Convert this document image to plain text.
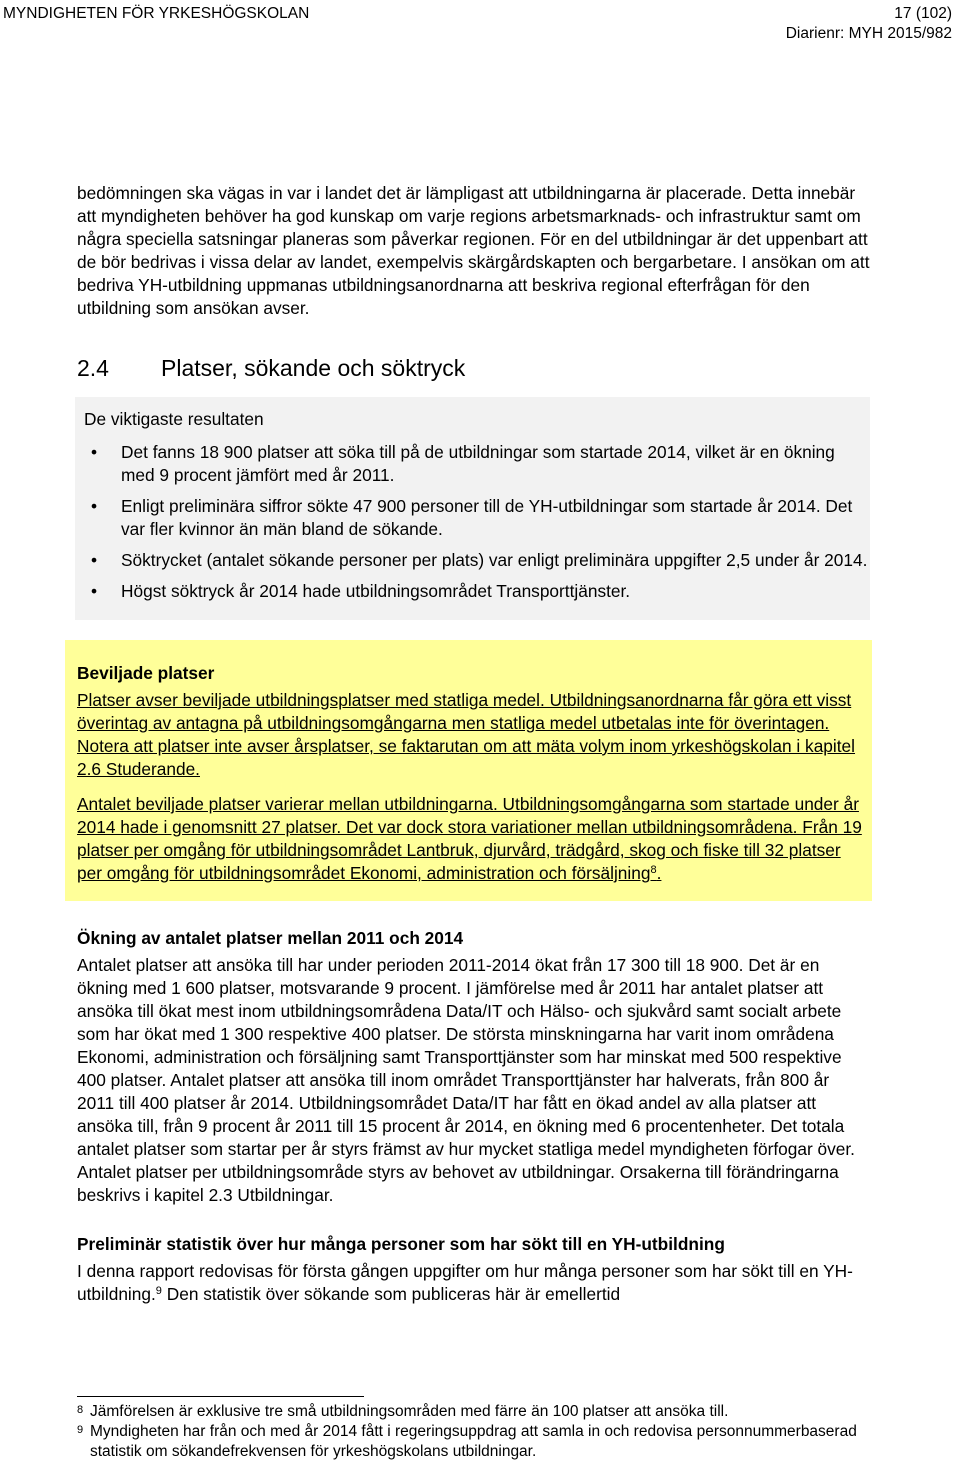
MYNDIGHETEN FÖR YRKESHÖGSKOLAN	17 (102)
Diarienr: MYH 2015/982

bedömningen ska vägas in var i landet det är lämpligast att utbildningarna är placerade. Detta innebär att myndigheten behöver ha god kunskap om varje regions arbetsmarknads- och infrastruktur samt om några speciella satsningar planeras som påverkar regionen. För en del utbildningar är det uppenbart att de bör bedrivas i vissa delar av landet, exempelvis skärgårdskapten och bergarbetare. I ansökan om att bedriva YH-utbildning uppmanas utbildningsanordnarna att beskriva regional efterfrågan för den utbildning som ansökan avser.

2.4	Platser, sökande och söktryck
De viktigaste resultaten
• Det fanns 18 900 platser att söka till på de utbildningar som startade 2014, vilket är en ökning med 9 procent jämfört med år 2011.
• Enligt preliminära siffror sökte 47 900 personer till de YH-utbildningar som startade år 2014. Det var fler kvinnor än män bland de sökande.
• Söktrycket (antalet sökande personer per plats) var enligt preliminära uppgifter 2,5 under år 2014.
• Högst söktryck år 2014 hade utbildningsområdet Transporttjänster.
Beviljade platser

Platser avser beviljade utbildningsplatser med statliga medel. Utbildningsanordnarna får göra ett visst överintag av antagna på utbildningsomgångarna men statliga medel utbetalas inte för överintagen. Notera att platser inte avser årsplatser, se faktarutan om att mäta volym inom yrkeshögskolan i kapitel 2.6 Studerande.

Antalet beviljade platser varierar mellan utbildningarna. Utbildningsomgångarna som startade under år 2014 hade i genomsnitt 27 platser. Det var dock stora variationer mellan utbildningsområdena. Från 19 platser per omgång för utbildningsområdet Lantbruk, djurvård, trädgård, skog och fiske till 32 platser per omgång för utbildningsområdet Ekonomi, administration och försäljning$^8$.

Ökning av antalet platser mellan 2011 och 2014

Antalet platser att ansöka till har under perioden 2011-2014 ökat från 17 300 till 18 900. Det är en ökning med 1 600 platser, motsvarande 9 procent. I jämförelse med år 2011 har antalet platser att ansöka till ökat mest inom utbildningsområdena Data/IT och Hälso- och sjukvård samt socialt arbete som har ökat med 1 300 respektive 400 platser. De största minskningarna har varit inom områdena Ekonomi, administration och försäljning samt Transporttjänster som har minskat med 500 respektive 400 platser. Antalet platser att ansöka till inom området Transporttjänster har halverats, från 800 år 2011 till 400 platser år 2014. Utbildningsområdet Data/IT har fått en ökad andel av alla platser att ansöka till, från 9 procent år 2011 till 15 procent år 2014, en ökning med 6 procentenheter. Det totala antalet platser som startar per år styrs främst av hur mycket statliga medel myndigheten förfogar över. Antalet platser per utbildningsområde styrs av behovet av utbildningar. Orsakerna till förändringarna beskrivs i kapitel 2.3 Utbildningar.

Preliminär statistik över hur många personer som har sökt till en YH-utbildning

I denna rapport redovisas för första gången uppgifter om hur många personer som har sökt till en YH-utbildning.$^9$ Den statistik över sökande som publiceras här är emellertid

8 Jämförelsen är exklusive tre små utbildningsområden med färre än 100 platser att ansöka till.
9 Myndigheten har från och med år 2014 fått i regeringsuppdrag att samla in och redovisa personnummerbaserad statistik om sökandefrekvensen för yrkeshögskolans utbildningar.
